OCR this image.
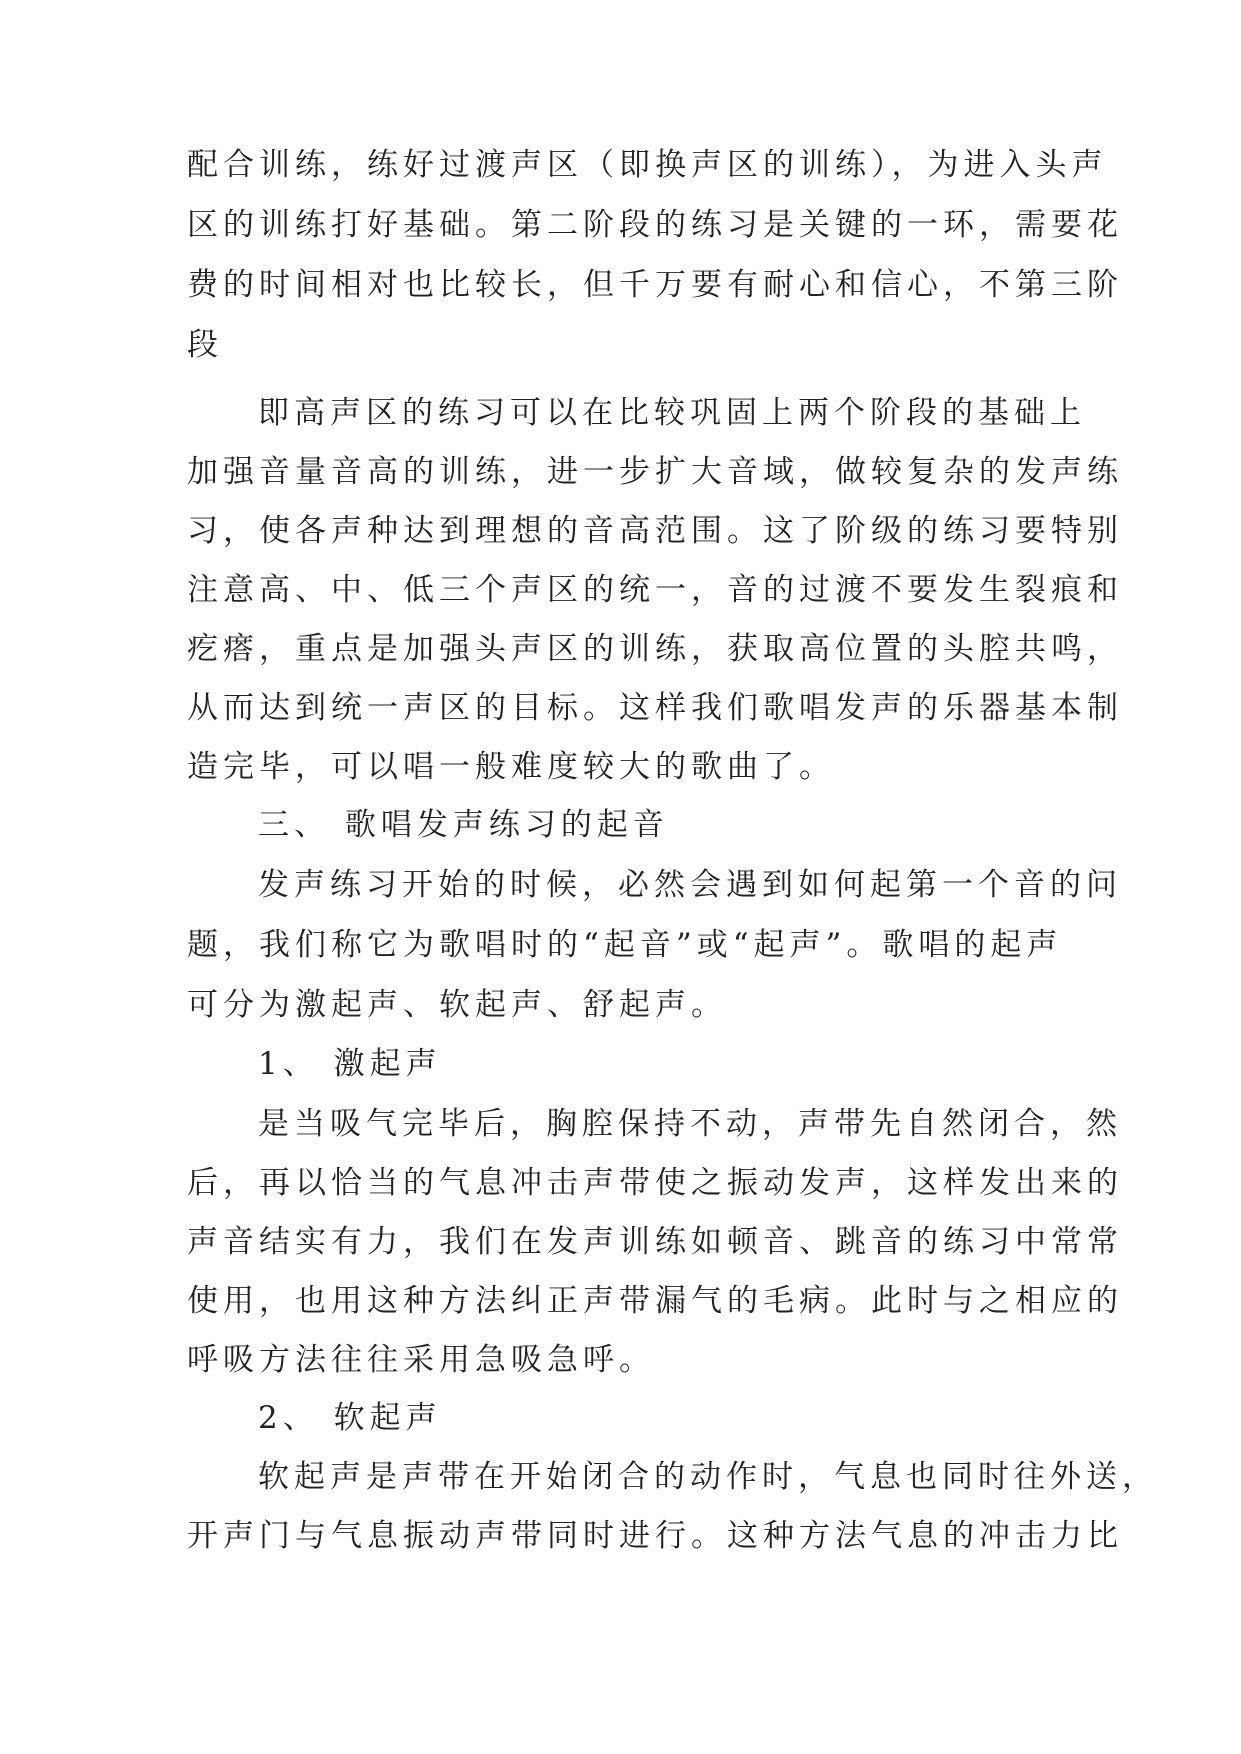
配合训练，练好过渡声区（即换声区的训练），为进入头声

区的训练打好基础。第二阶段的练习是关键的一环，需要花

费的时间相对也比较长，但千万要有耐心和信心，不第三阶

段

即高声区的练习可以在比较巩固上两个阶段的基础上

加强音量音高的训练，进一步扩大音域，做较复杂的发声练

习，使各声种达到理想的音高范围。这了阶级的练习要特别

注意高、中、低三个声区的统一，音的过渡不要发生裂痕和

疙瘩，重点是加强头声区的训练，获取高位置的头腔共鸣，

从而达到统一声区的目标。这样我们歌唱发声的乐器基本制

造完毕，可以唱一般难度较大的歌曲了。

三、 歌唱发声练习的起音

发声练习开始的时候，必然会遇到如何起第一个音的问

题，我们称它为歌唱时的“起音”或“起声”。歌唱的起声

可分为激起声、软起声、舒起声。

1、 激起声

是当吸气完毕后，胸腔保持不动，声带先自然闭合，然

后，再以恰当的气息冲击声带使之振动发声，这样发出来的

声音结实有力，我们在发声训练如顿音、跳音的练习中常常

使用，也用这种方法纠正声带漏气的毛病。此时与之相应的

呼吸方法往往采用急吸急呼。

2、 软起声

软起声是声带在开始闭合的动作时，气息也同时往外送，

开声门与气息振动声带同时进行。这种方法气息的冲击力比
